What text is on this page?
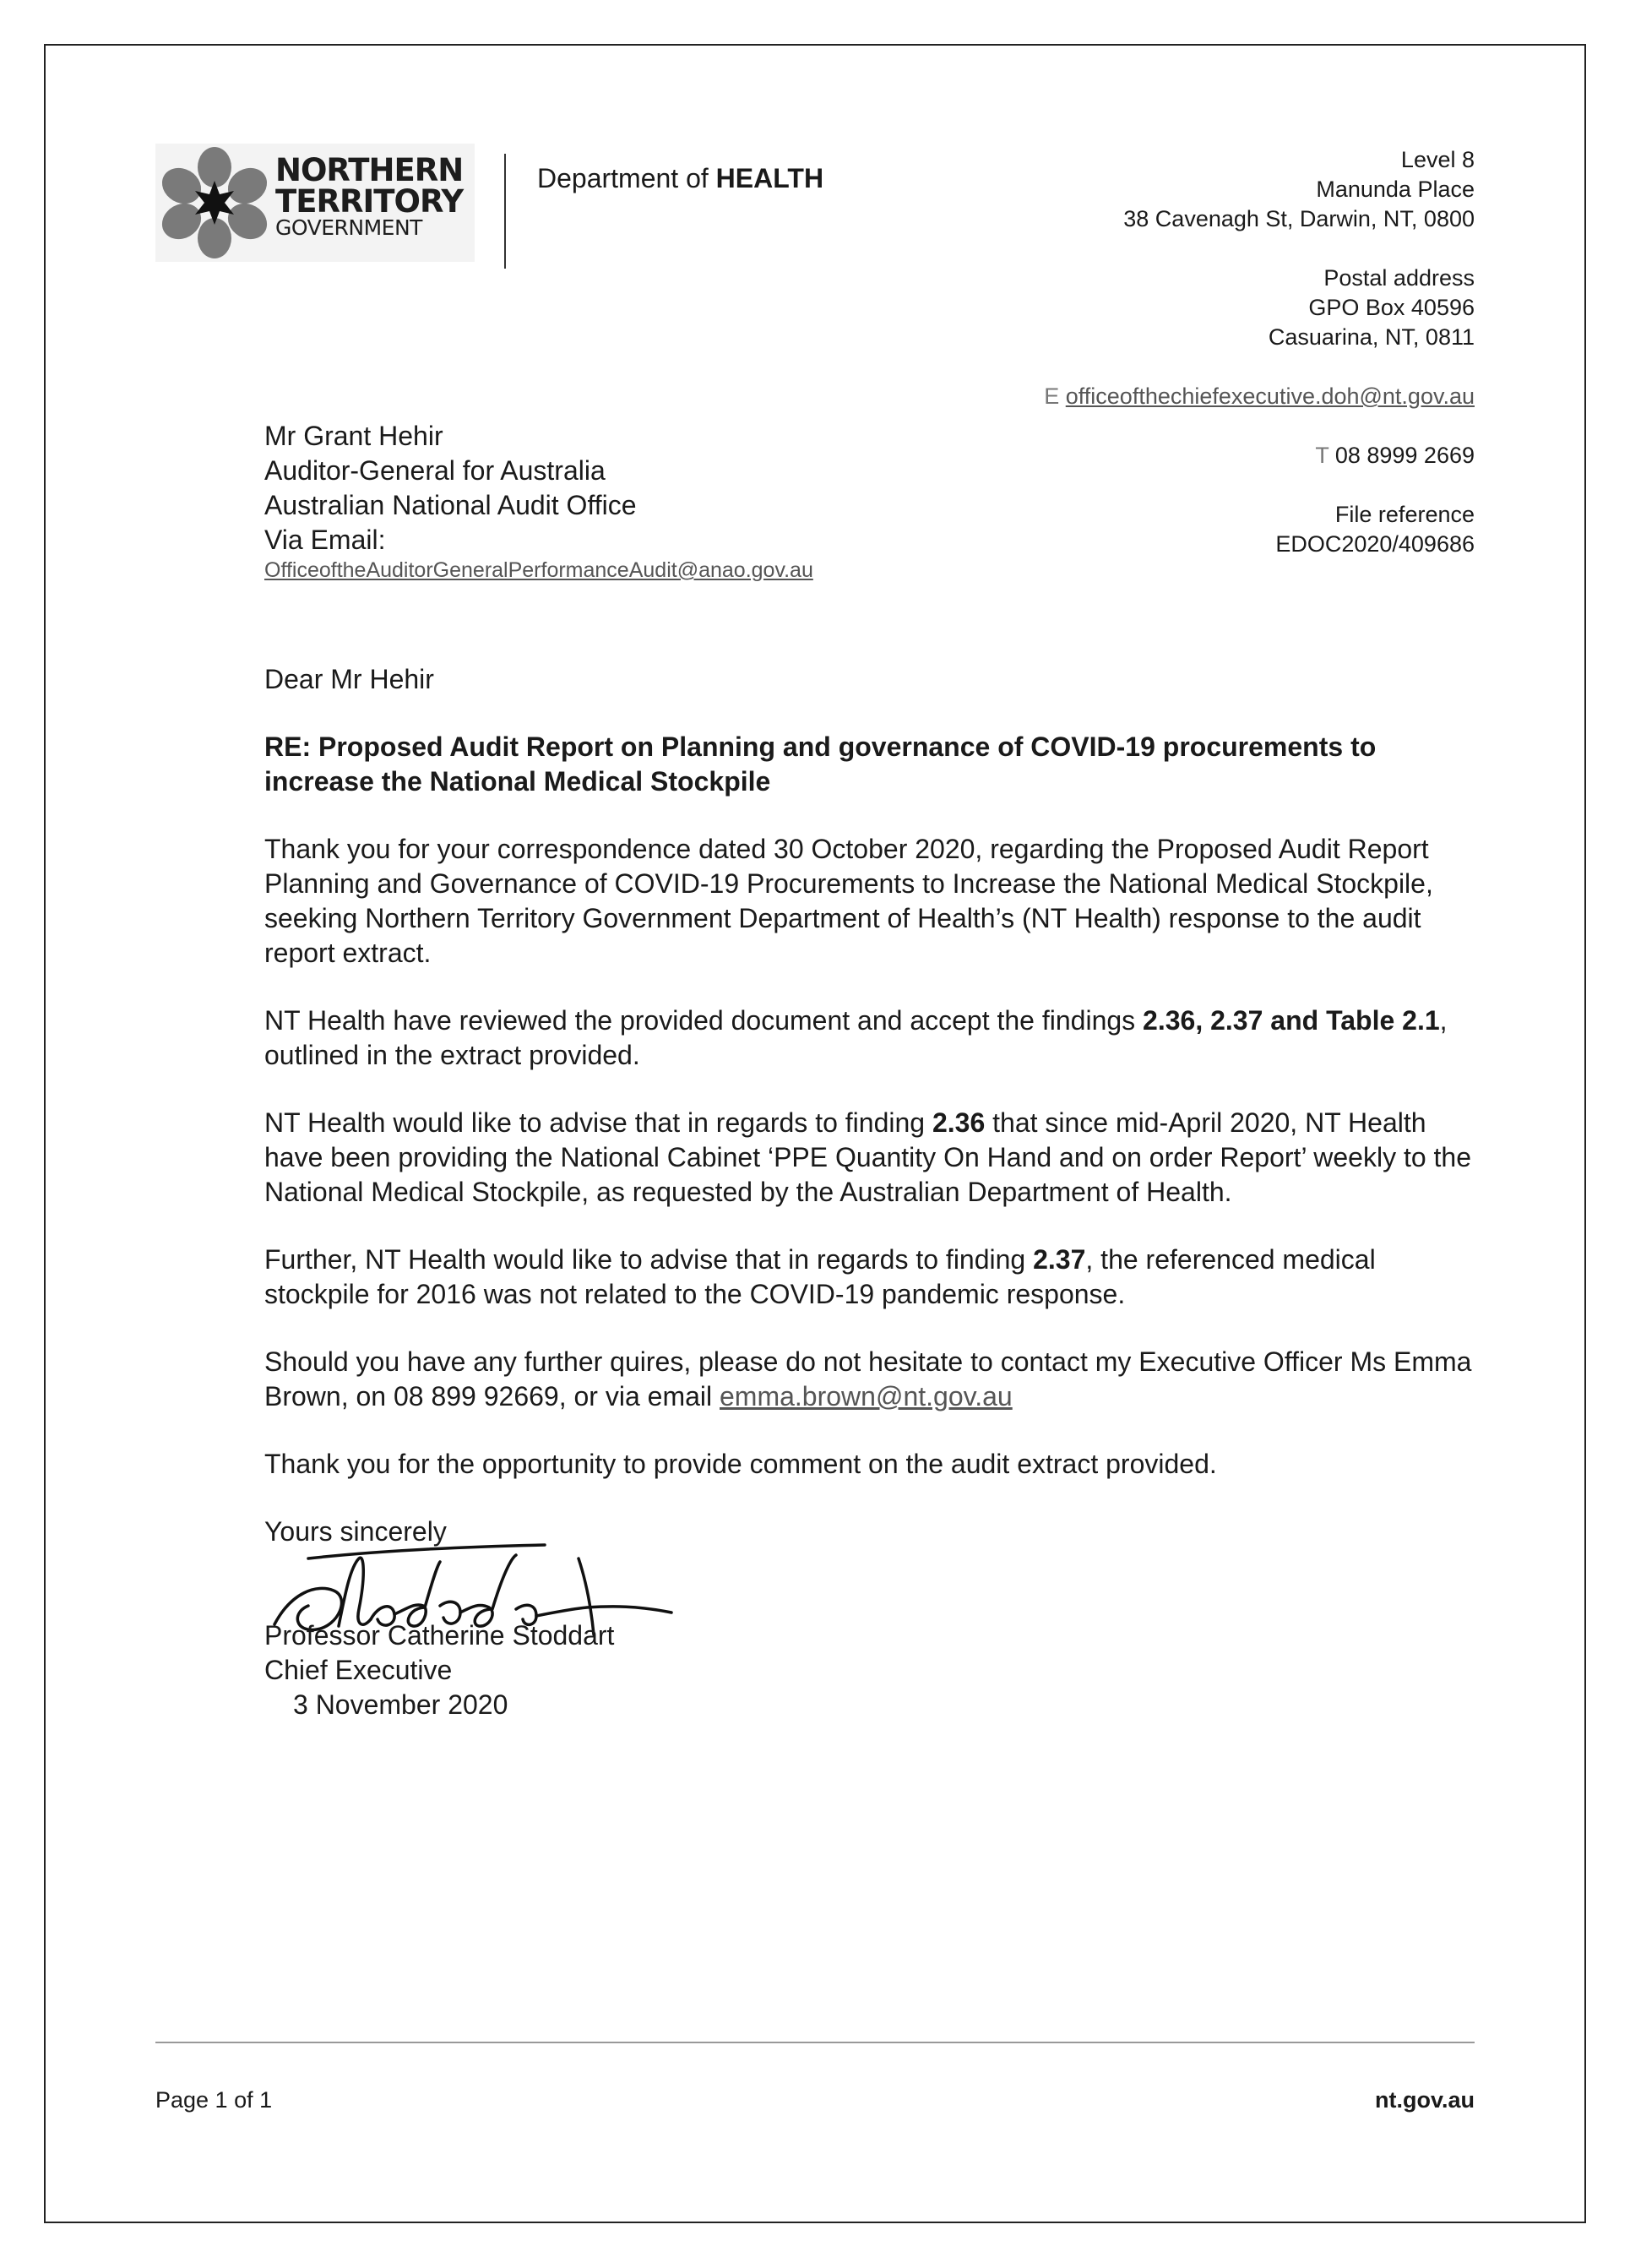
NORTHERN
TERRITORY
GOVERNMENT
Department of HEALTH
Level 8
Manunda Place
38 Cavenagh St, Darwin, NT, 0800
Postal address
GPO Box 40596
Casuarina, NT, 0811
E officeofthechiefexecutive.doh@nt.gov.au
T 08 8999 2669
File reference
EDOC2020/409686
Mr Grant Hehir
Auditor-General for Australia
Australian National Audit Office
Via Email:
OfficeoftheAuditorGeneralPerformanceAudit@anao.gov.au

Dear Mr Hehir

RE: Proposed Audit Report on Planning and governance of COVID-19 procurements to increase the National Medical Stockpile

Thank you for your correspondence dated 30 October 2020, regarding the Proposed Audit Report Planning and Governance of COVID-19 Procurements to Increase the National Medical Stockpile, seeking Northern Territory Government Department of Health’s (NT Health) response to the audit report extract.

NT Health have reviewed the provided document and accept the findings 2.36, 2.37 and Table 2.1, outlined in the extract provided.

NT Health would like to advise that in regards to finding 2.36 that since mid-April 2020, NT Health have been providing the National Cabinet ‘PPE Quantity On Hand and on order Report’ weekly to the National Medical Stockpile, as requested by the Australian Department of Health.

Further, NT Health would like to advise that in regards to finding 2.37, the referenced medical stockpile for 2016 was not related to the COVID-19 pandemic response.

Should you have any further quires, please do not hesitate to contact my Executive Officer Ms Emma Brown, on 08 899 92669, or via email emma.brown@nt.gov.au

Thank you for the opportunity to provide comment on the audit extract provided.

Yours sincerely
Professor Catherine Stoddart
Chief Executive
3 November 2020
Page 1 of 1	nt.gov.au
